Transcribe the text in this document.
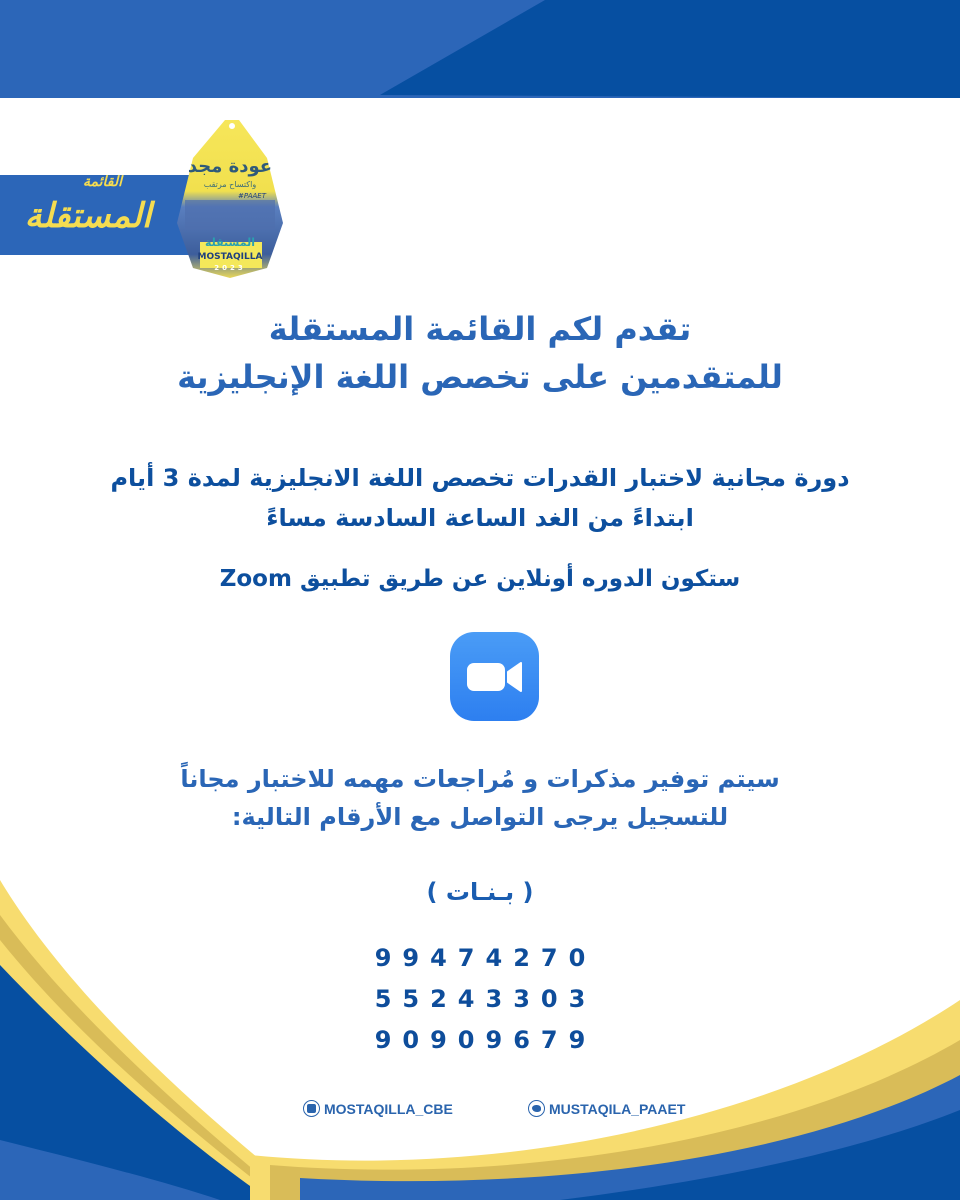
القائمة
المستقلة
عودة مجد
واكتساح مرتقب
#PAAET
المستقلة
MOSTAQILLA
2023
تقدم لكم القائمة المستقلة
للمتقدمين على تخصص اللغة الإنجليزية
دورة مجانية لاختبار القدرات تخصص اللغة الانجليزية لمدة 3 أيام
ابتداءً من الغد الساعة السادسة مساءً
ستكون الدوره أونلاين عن طريق تطبيق Zoom
سيتم توفير مذكرات و مُراجعات مهمه للاختبار مجاناً
للتسجيل يرجى التواصل مع الأرقام التالية:
( بـنـات )
99474270
55243303
90909679
MOSTAQILLA_CBE	MUSTAQILA_PAAET
